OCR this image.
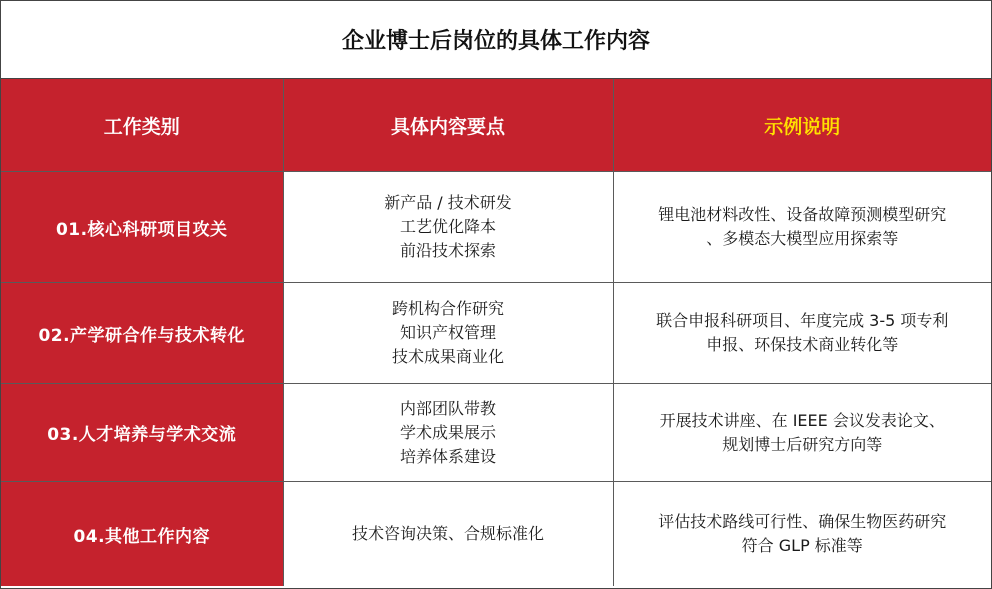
企业博士后岗位的具体工作内容
工作类别	具体内容要点	示例说明
01.核心科研项目攻关	新产品 / 技术研发
工艺优化降本
前沿技术探索	锂电池材料改性、设备故障预测模型研究
、多模态大模型应用探索等

02.产学研合作与技术转化	跨机构合作研究
知识产权管理
技术成果商业化	联合申报科研项目、年度完成 3-5 项专利
申报、环保技术商业转化等

03.人才培养与学术交流	内部团队带教
学术成果展示
培养体系建设	开展技术讲座、在 IEEE 会议发表论文、
规划博士后研究方向等

04.其他工作内容	技术咨询决策、合规标准化	评估技术路线可行性、确保生物医药研究
符合 GLP 标准等
